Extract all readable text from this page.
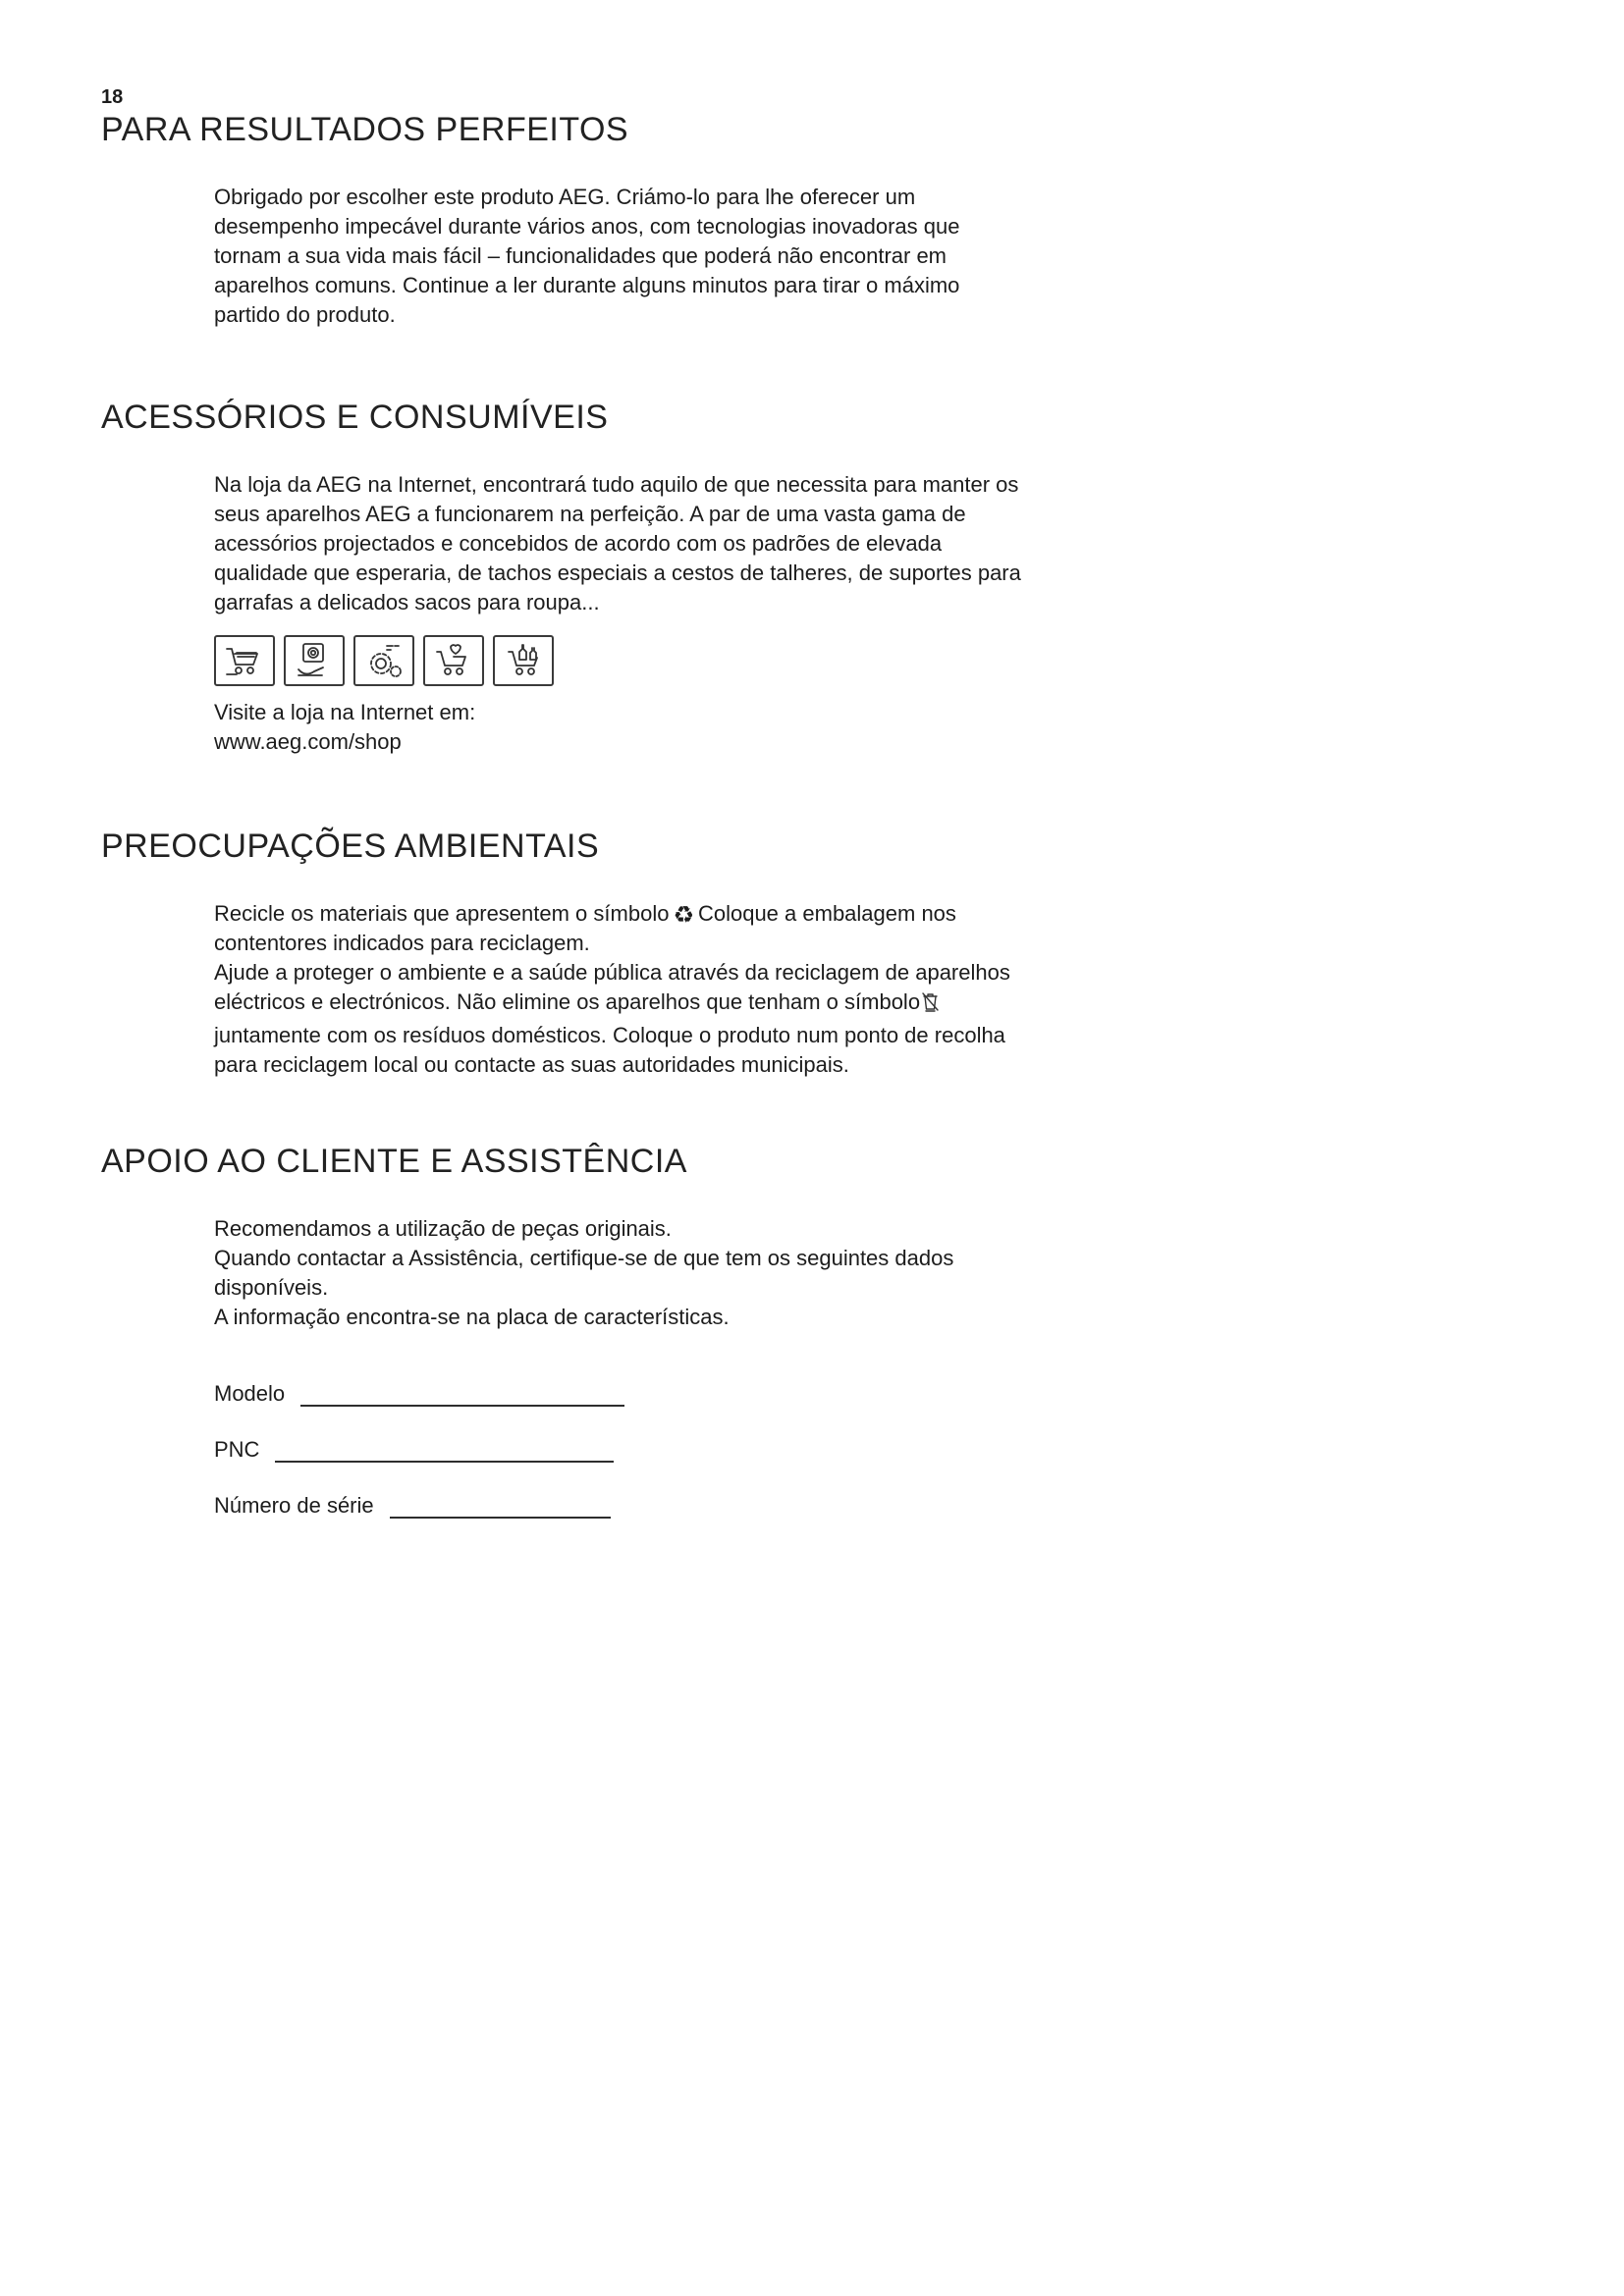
18
PARA RESULTADOS PERFEITOS

Obrigado por escolher este produto AEG. Criámo-lo para lhe oferecer um desempenho impecável durante vários anos, com tecnologias inovadoras que tornam a sua vida mais fácil – funcionalidades que poderá não encontrar em aparelhos comuns. Continue a ler durante alguns minutos para tirar o máximo partido do produto.

ACESSÓRIOS E CONSUMÍVEIS

Na loja da AEG na Internet, encontrará tudo aquilo de que necessita para manter os seus aparelhos AEG a funcionarem na perfeição. A par de uma vasta gama de acessórios projectados e concebidos de acordo com os padrões de elevada qualidade que esperaria, de tachos especiais a cestos de talheres, de suportes para garrafas a delicados sacos para roupa...

Visite a loja na Internet em:

www.aeg.com/shop

PREOCUPAÇÕES AMBIENTAIS

Recicle os materiais que apresentem o símbolo ♻ Coloque a embalagem nos contentores indicados para reciclagem.
Ajude a proteger o ambiente e a saúde pública através da reciclagem de aparelhos eléctricos e electrónicos. Não elimine os aparelhos que tenham o símbolo juntamente com os resíduos domésticos. Coloque o produto num ponto de recolha para reciclagem local ou contacte as suas autoridades municipais.

APOIO AO CLIENTE E ASSISTÊNCIA

Recomendamos a utilização de peças originais.

Quando contactar a Assistência, certifique-se de que tem os seguintes dados disponíveis.

A informação encontra-se na placa de características.

Modelo
PNC
Número de série
